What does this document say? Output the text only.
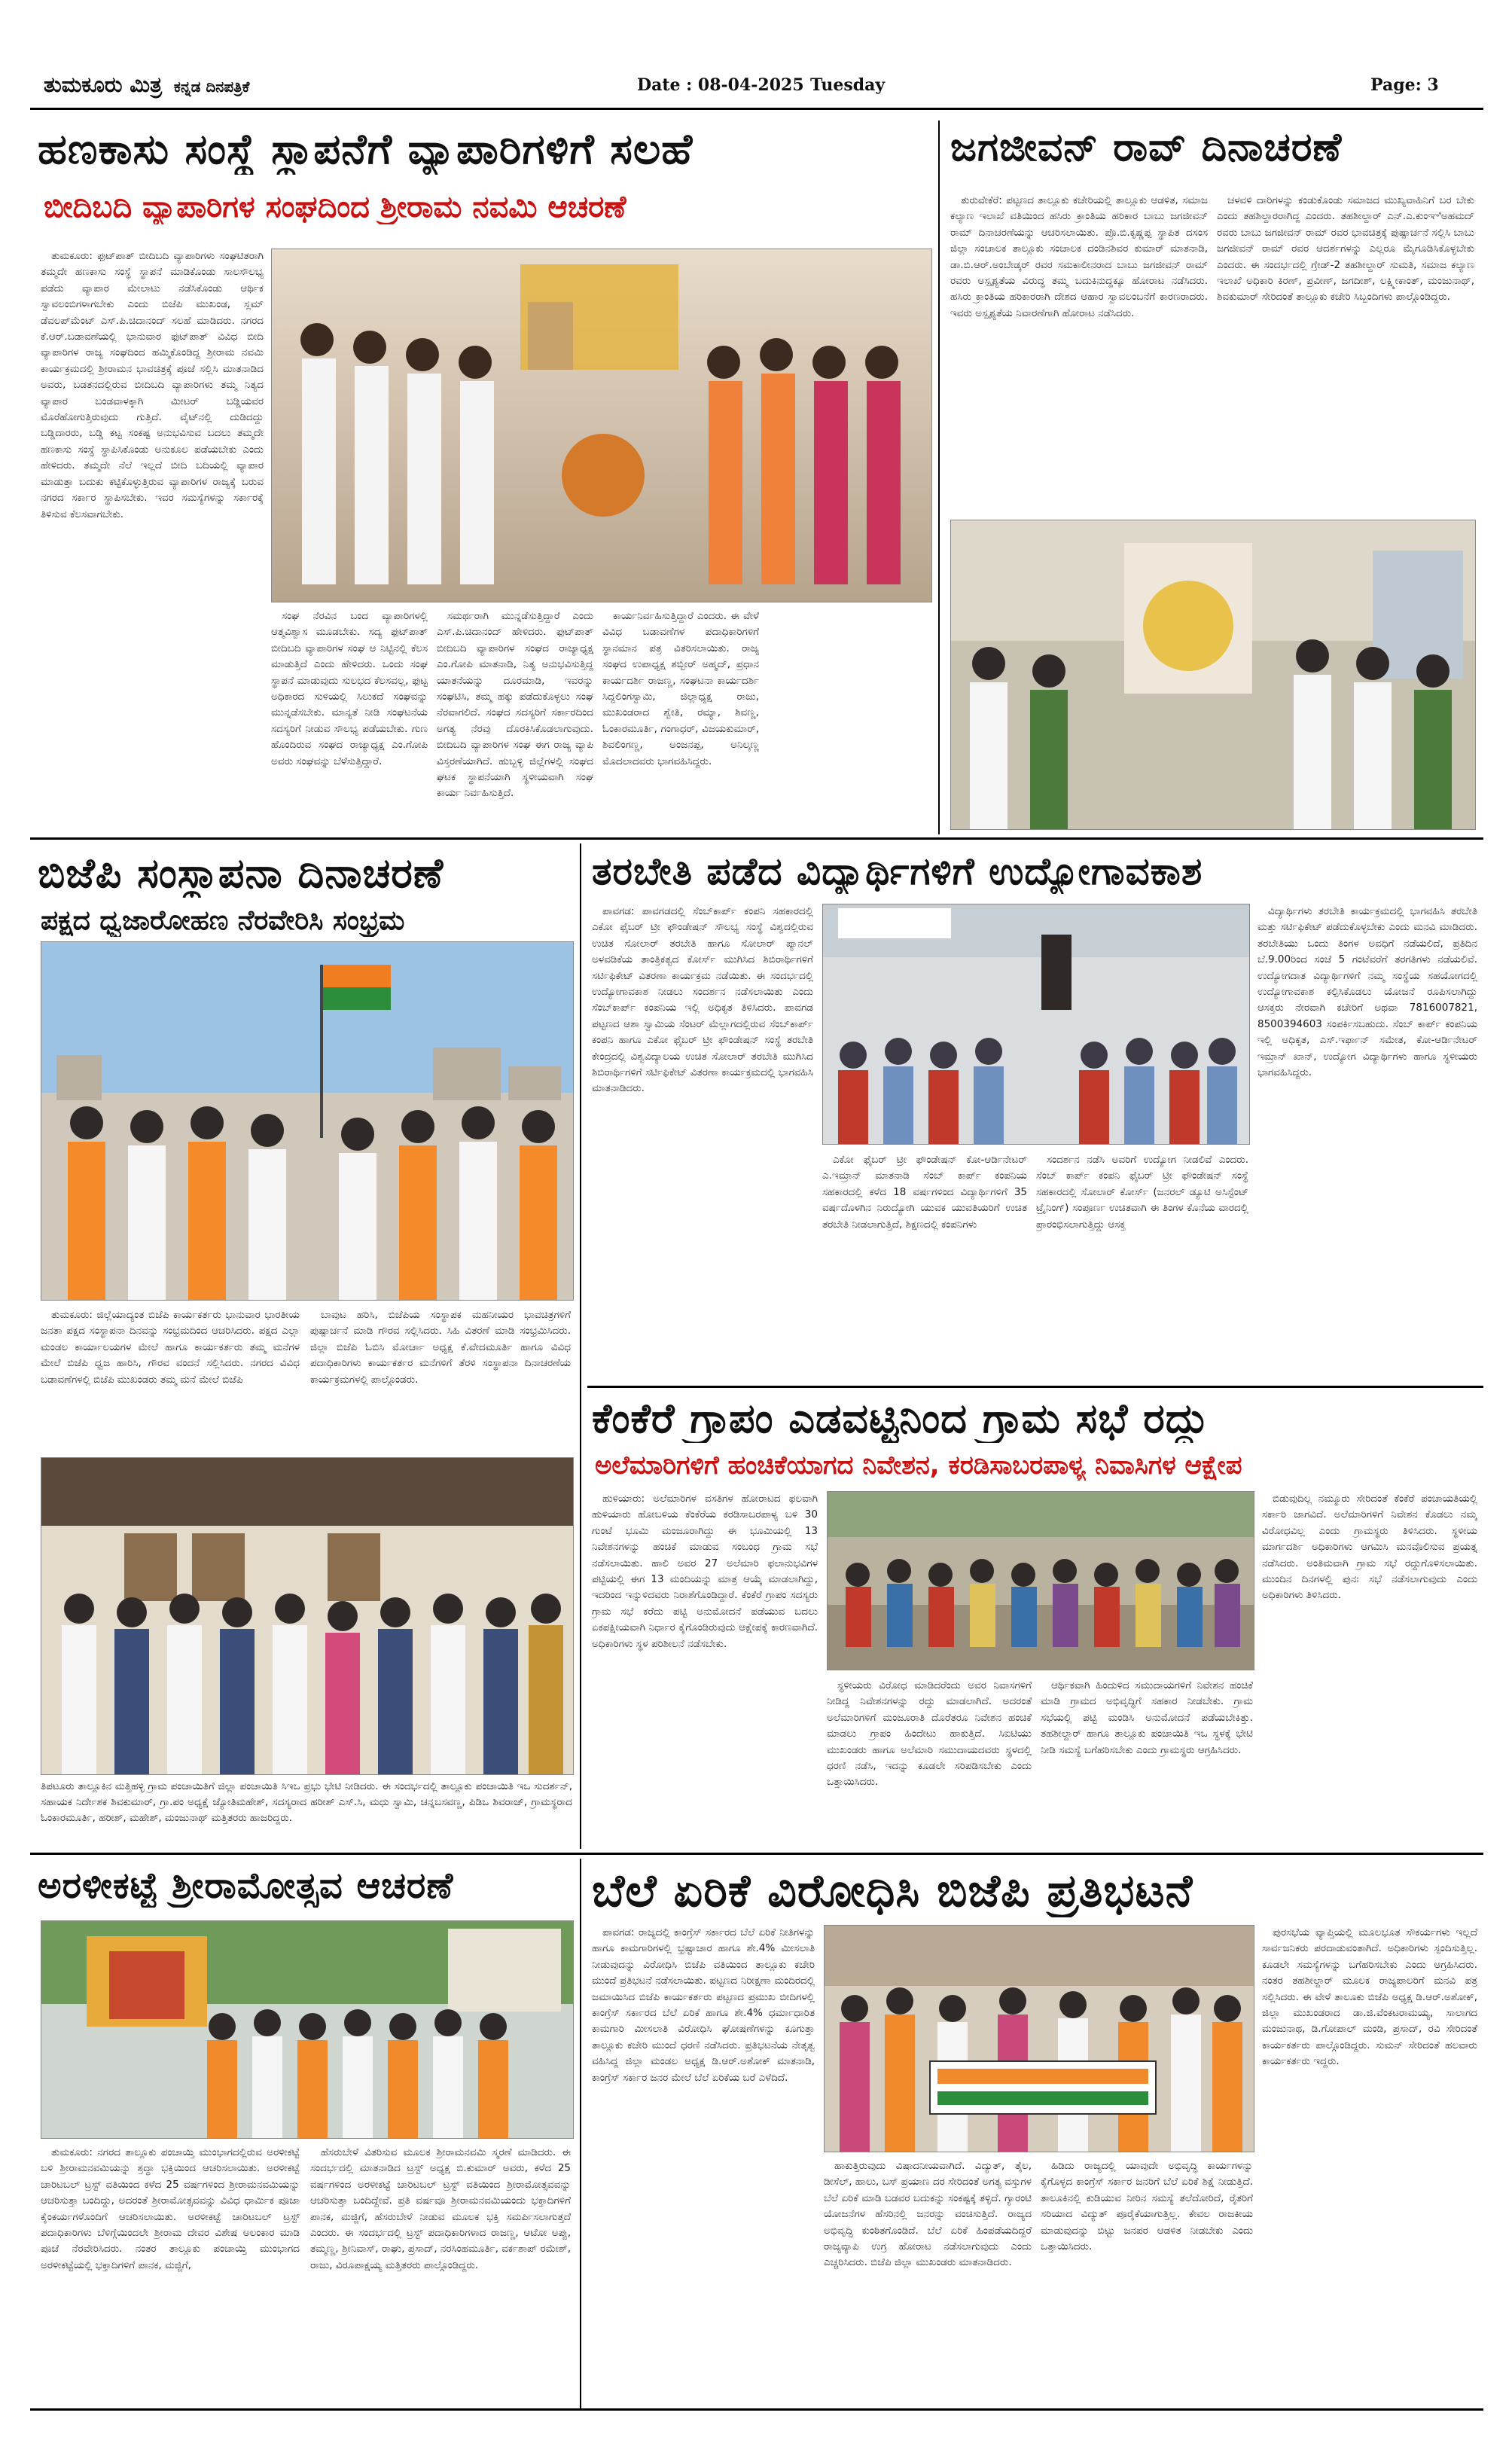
ತುಮಕೂರು ಮಿತ್ರ ಕನ್ನಡ ದಿನಪತ್ರಿಕೆ	Date : 08-04-2025 Tuesday	Page: 3
ಹಣಕಾಸು ಸಂಸ್ಥೆ ಸ್ಥಾಪನೆಗೆ ವ್ಯಾಪಾರಿಗಳಿಗೆ ಸಲಹೆ
ಬೀದಿಬದಿ ವ್ಯಾಪಾರಿಗಳ ಸಂಘದಿಂದ ಶ್ರೀರಾಮ ನವಮಿ ಆಚರಣೆ

ತುಮಕೂರು: ಫುಟ್‌ಪಾತ್ ಬೀದಿಬದಿ ವ್ಯಾಪಾರಿಗಳು ಸಂಘಟಿತರಾಗಿ ತಮ್ಮದೇ ಹಣಕಾಸು ಸಂಸ್ಥೆ ಸ್ಥಾಪನೆ ಮಾಡಿಕೊಂಡು ಸಾಲಸೌಲಭ್ಯ ಪಡೆದು ವ್ಯಾಪಾರ ಮೇಲಾಟು ನಡೆಸಿಕೊಂಡು ಆರ್ಥಿಕ ಸ್ವಾವಲಂಬಿಗಳಾಗಬೇಕು ಎಂದು ಬಿಜೆಪಿ ಮುಖಂಡ, ಸ್ಲಮ್ ಡೆವಲಪ್‌ಮೆಂಟ್ ಎಸ್.ಪಿ.ಚಿದಾನಂದ್ ಸಲಹೆ ಮಾಡಿದರು. ನಗರದ ಕೆ.ಆರ್.ಬಡಾವಣೆಯಲ್ಲಿ ಭಾನುವಾರ ಫುಟ್‌ಪಾತ್ ವಿವಿಧ ಬೀದಿ ವ್ಯಾಪಾರಿಗಳ ರಾಜ್ಯ ಸಂಘದಿಂದ ಹಮ್ಮಿಕೊಂಡಿದ್ದ ಶ್ರೀರಾಮ ನವಮಿ ಕಾರ್ಯಕ್ರಮದಲ್ಲಿ ಶ್ರೀರಾಮನ ಭಾವಚಿತ್ರಕ್ಕೆ ಪೂಜೆ ಸಲ್ಲಿಸಿ ಮಾತನಾಡಿದ ಅವರು, ಬಡತನದಲ್ಲಿರುವ ಬೀದಿಬದಿ ವ್ಯಾಪಾರಿಗಳು ತಮ್ಮ ನಿತ್ಯದ ವ್ಯಾಪಾರ ಬಂಡವಾಳಕ್ಕಾಗಿ ಮೀಟರ್ ಬಡ್ಡಿಯವರ ಮೊರೆಹೋಗುತ್ತಿರುವುದು ಗುತ್ತಿದೆ. ವೈಟ್‌ನಲ್ಲಿ ದುಡಿದದ್ದು ಬಡ್ಡಿದಾರರು, ಬಡ್ಡಿ ಕಟ್ಟ ಸಂಕಷ್ಟ ಅನುಭವಿಸುವ ಬದಲು ತಮ್ಮದೇ ಹಣಕಾಸು ಸಂಸ್ಥೆ ಸ್ಥಾಪಿಸಿಕೊಂಡು ಅನುಕೂಲ ಪಡೆಯಬೇಕು ಎಂದು ಹೇಳಿದರು. ತಮ್ಮದೇ ನೆಲೆ ಇಲ್ಲದೆ ಬೀದಿ ಬದಿಯಲ್ಲಿ ವ್ಯಾಪಾರ ಮಾಡುತ್ತಾ ಬದುಕು ಕಟ್ಟಿಕೊಳ್ಳುತ್ತಿರುವ ವ್ಯಾಪಾರಿಗಳ ರಾಜ್ಯಕ್ಕೆ ಬರುವ ನಗರದ ಸರ್ಕಾರ ಸ್ಥಾಪಿಸಬೇಕು. ಇವರ ಸಮಸ್ಯೆಗಳನ್ನು ಸರ್ಕಾರಕ್ಕೆ ತಿಳಿಸುವ ಕೆಲಸವಾಗಬೇಕು.

ಸಂಘ ನೆರವಿನ ಬಂದ ವ್ಯಾಪಾರಿಗಳಲ್ಲಿ ಆತ್ಮವಿಶ್ವಾಸ ಮೂಡಬೇಕು. ಸದ್ಯ ಫುಟ್‌ಪಾತ್ ಬೀದಿಬದಿ ವ್ಯಾಪಾರಿಗಳ ಸಂಘ ಆ ನಿಟ್ಟಿನಲ್ಲಿ ಕೆಲಸ ಮಾಡುತ್ತಿದೆ ಎಂದು ಹೇಳಿದರು. ಒಂದು ಸಂಘ ಸ್ಥಾಪನೆ ಮಾಡುವುದು ಸುಲಭದ ಕೆಲಸವಲ್ಲ, ಫುಟ್ಟ ಅಧಿಕಾರದ ಸುಳಿಯಲ್ಲಿ ಸಿಲುಕದೆ ಸಂಘವನ್ನು ಮುನ್ನಡೆಸಬೇಕು. ಮಾನ್ಯತೆ ನೀಡಿ ಸಂಘಟನೆಯ ಸದಸ್ಯರಿಗೆ ನೀಡುವ ಸೌಲಭ್ಯ ಪಡೆಯಬೇಕು. ಗುಣ ಹೊಂದಿರುವ ಸಂಘದ ರಾಜ್ಯಾಧ್ಯಕ್ಷ ಎಂ.ಗೋಪಿ ಅವರು ಸಂಘವನ್ನು ಬೆಳೆಸುತ್ತಿದ್ದಾರೆ.

ಸಮರ್ಥರಾಗಿ ಮುನ್ನಡೆಸುತ್ತಿದ್ದಾರೆ ಎಂದು ಎಸ್.ಪಿ.ಚಿದಾನಂದ್ ಹೇಳಿದರು. ಫುಟ್‌ಪಾತ್ ಬೀದಿಬದಿ ವ್ಯಾಪಾರಿಗಳ ಸಂಘದ ರಾಜ್ಯಾಧ್ಯಕ್ಷ ಎಂ.ಗೋಪಿ ಮಾತನಾಡಿ, ನಿತ್ಯ ಅನುಭವಿಸುತ್ತಿದ್ದ ಯಾತನೆಯನ್ನು ದೂರಮಾಡಿ, ಇವರನ್ನು ಸಂಘಟಿಸಿ, ತಮ್ಮ ಹಕ್ಕು ಪಡೆದುಕೊಳ್ಳಲು ಸಂಘ ನೆರವಾಗಲಿದೆ. ಸಂಘದ ಸದಸ್ಯರಿಗೆ ಸರ್ಕಾರದಿಂದ ಅಗತ್ಯ ನೆರವು ದೊರಕಿಸಿಕೊಡಲಾಗುವುದು. ಬೀದಿಬದಿ ವ್ಯಾಪಾರಿಗಳ ಸಂಘ ಈಗ ರಾಜ್ಯ ವ್ಯಾಪಿ ವಿಸ್ತರಣೆಯಾಗಿದೆ. ಹುಬ್ಬಳ್ಳಿ ಜಿಲ್ಲೆಗಳಲ್ಲಿ ಸಂಘದ ಘಟಕ ಸ್ಥಾಪನೆಯಾಗಿ ಸ್ಥಳೀಯವಾಗಿ ಸಂಘ ಕಾರ್ಯ ನಿರ್ವಹಿಸುತ್ತಿದೆ.

ಕಾರ್ಯನಿರ್ವಹಿಸುತ್ತಿದ್ದಾರೆ ಎಂದರು. ಈ ವೇಳೆ ವಿವಿಧ ಬಡಾವಣೆಗಳ ಪದಾಧಿಕಾರಿಗಳಿಗೆ ಸ್ಥಾನಮಾನ ಪತ್ರ ವಿತರಿಸಲಾಯಿತು. ರಾಜ್ಯ ಸಂಘದ ಉಪಾಧ್ಯಕ್ಷ ಶಬ್ಬೀರ್ ಅಹ್ಮದ್, ಪ್ರಧಾನ ಕಾರ್ಯದರ್ಶಿ ರಾಜಣ್ಣ, ಸಂಘಟನಾ ಕಾರ್ಯದರ್ಶಿ ಸಿದ್ದಲಿಂಗಸ್ವಾಮಿ, ಜಿಲ್ಲಾಧ್ಯಕ್ಷ ರಾಜು, ಮುಖಂಡರಾದ ಶ್ವೇತಿ, ರಮ್ಯಾ, ಶಿವಣ್ಣ, ಓಂಕಾರಮೂರ್ತಿ, ಗಂಗಾಧರ್, ವಿಜಯಕುಮಾರ್, ಶಿವಲಿಂಗಣ್ಣ, ಅಂಜನಪ್ಪ, ಅನಿಲ್ಕಣ್ಣ ಮೊದಲಾದವರು ಭಾಗವಹಿಸಿದ್ದರು.

ಜಗಜೀವನ್ ರಾವ್ ದಿನಾಚರಣೆ

ತುರುವೇಕೆರೆ: ಪಟ್ಟಣದ ತಾಲ್ಲೂಕು ಕಚೇರಿಯಲ್ಲಿ ತಾಲ್ಲೂಕು ಆಡಳಿತ, ಸಮಾಜ ಕಲ್ಯಾಣ ಇಲಾಖೆ ವತಿಯಿಂದ ಹಸಿರು ಕ್ರಾಂತಿಯ ಹರಿಕಾರ ಬಾಬು ಜಗಜೀವನ್ ರಾಮ್ ದಿನಾಚರಣೆಯನ್ನು ಆಚರಿಸಲಾಯಿತು. ಪ್ರೊ.ಬಿ.ಕೃಷ್ಣಪ್ಪ ಸ್ಥಾಪಿತ ದಸಂಸ ಜಿಲ್ಲಾ ಸಂಚಾಲಕ ತಾಲ್ಲೂಕು ಸಂಚಾಲಕ ದಂಡಿನಶಿವರ ಕುಮಾರ್ ಮಾತನಾಡಿ, ಡಾ.ಬಿ.ಆರ್.ಅಂಬೇಡ್ಕರ್ ರವರ ಸಮಕಾಲೀನರಾದ ಬಾಬು ಜಗಜೀವನ್ ರಾಮ್ ರವರು ಅಸ್ಪೃಶ್ಯತೆಯ ವಿರುದ್ಧ ತಮ್ಮ ಬದುಕಿನುದ್ದಕ್ಕೂ ಹೋರಾಟ ನಡೆಸಿದರು. ಹಸಿರು ಕ್ರಾಂತಿಯ ಹರಿಕಾರರಾಗಿ ದೇಶದ ಆಹಾರ ಸ್ವಾವಲಂಬನೆಗೆ ಕಾರಣರಾದರು. ಇವರು ಅಸ್ಪೃಶ್ಯತೆಯ ನಿವಾರಣೆಗಾಗಿ ಹೋರಾಟ ನಡೆಸಿದರು.

ಚಳವಳಿ ದಾರಿಗಳನ್ನು ಕಂಡುಕೊಂಡು ಸಮಾಜದ ಮುಖ್ಯವಾಹಿನಿಗೆ ಬರ ಬೇಕು ಎಂದು ತಹಶಿಲ್ದಾರರಾಗಿದ್ದ ಎಂದರು. ತಹಶೀಲ್ದಾರ್ ಎನ್.ಎ.ಕುಂಞಿಅಹಮದ್ ರವರು ಬಾಬು ಜಗಜೀವನ್ ರಾಮ್ ರವರ ಭಾವಚಿತ್ರಕ್ಕೆ ಪುಷ್ಪಾರ್ಚನೆ ಸಲ್ಲಿಸಿ ಬಾಬು ಜಗಜೀವನ್ ರಾಮ್ ರವರ ಆದರ್ಶಗಳನ್ನು ಎಲ್ಲರೂ ಮೈಗೂಡಿಸಿಕೊಳ್ಳಬೇಕು ಎಂದರು. ಈ ಸಂದರ್ಭದಲ್ಲಿ ಗ್ರೇಡ್-2 ತಹಶೀಲ್ದಾರ್ ಸುಮತಿ, ಸಮಾಜ ಕಲ್ಯಾಣ ಇಲಾಖೆ ಅಧಿಕಾರಿ ಕಿರಣ್, ಪ್ರವೀಣ್, ಜಗದೀಶ್, ಲಕ್ಷ್ಮೀಕಾಂತ್, ಮಂಜುನಾಥ್, ಶಿವಕುಮಾರ್ ಸೇರಿದಂತೆ ತಾಲ್ಲೂಕು ಕಚೇರಿ ಸಿಬ್ಬಂದಿಗಳು ಪಾಲ್ಗೊಂಡಿದ್ದರು.

ಬಿಜೆಪಿ ಸಂಸ್ಥಾಪನಾ ದಿನಾಚರಣೆ
ಪಕ್ಷದ ಧ್ವಜಾರೋಹಣ ನೆರವೇರಿಸಿ ಸಂಭ್ರಮ

ತುಮಕೂರು: ಜಿಲ್ಲೆಯಾದ್ಯಂತ ಬಿಜೆಪಿ ಕಾರ್ಯಕರ್ತರು ಭಾನುವಾರ ಭಾರತೀಯ ಜನತಾ ಪಕ್ಷದ ಸಂಸ್ಥಾಪನಾ ದಿನವನ್ನು ಸಂಭ್ರಮದಿಂದ ಆಚರಿಸಿದರು. ಪಕ್ಷದ ಎಲ್ಲಾ ಮಂಡಲ ಕಾರ್ಯಾಲಯಗಳ ಮೇಲೆ ಹಾಗೂ ಕಾರ್ಯಕರ್ತರು ತಮ್ಮ ಮನೆಗಳ ಮೇಲೆ ಬಿಜೆಪಿ ಧ್ವಜ ಹಾರಿಸಿ, ಗೌರವ ವಂದನೆ ಸಲ್ಲಿಸಿದರು. ನಗರದ ವಿವಿಧ ಬಡಾವಣೆಗಳಲ್ಲಿ ಬಿಜೆಪಿ ಮುಖಂಡರು ತಮ್ಮ ಮನೆ ಮೇಲೆ ಬಿಜೆಪಿ

ಬಾವುಟ ಹರಿಸಿ, ಬಿಜೆಪಿಯ ಸಂಸ್ಥಾಪಕ ಮಹನೀಯರ ಭಾವಚಿತ್ರಗಳಿಗೆ ಪುಷ್ಪಾರ್ಚನೆ ಮಾಡಿ ಗೌರವ ಸಲ್ಲಿಸಿದರು. ಸಿಹಿ ವಿತರಣೆ ಮಾಡಿ ಸಂಭ್ರಮಿಸಿದರು. ಜಿಲ್ಲಾ ಬಿಜೆಪಿ ಓಬಿಸಿ ಮೋರ್ಚಾ ಅಧ್ಯಕ್ಷ ಕೆ.ವೇದಮೂರ್ತಿ ಹಾಗೂ ವಿವಿಧ ಪದಾಧಿಕಾರಿಗಳು ಕಾರ್ಯಕರ್ತರ ಮನೆಗಳಿಗೆ ತೆರಳಿ ಸಂಸ್ಥಾಪನಾ ದಿನಾಚರಣೆಯ ಕಾರ್ಯಕ್ರಮಗಳಲ್ಲಿ ಪಾಲ್ಗೊಂಡರು.

ತಿಪಟೂರು ತಾಲ್ಲೂಕಿನ ಮತ್ತಿಹಳ್ಳಿ ಗ್ರಾಮ ಪಂಚಾಯಿತಿಗೆ ಜಿಲ್ಲಾ ಪಂಚಾಯಿತಿ ಸಿಇಒ ಪ್ರಭು ಭೇಟಿ ನೀಡಿದರು. ಈ ಸಂದರ್ಭದಲ್ಲಿ ತಾಲ್ಲೂಕು ಪಂಚಾಯಿತಿ ಇಒ ಸುದರ್ಶನ್, ಸಹಾಯಕ ನಿರ್ದೇಶಕ ಶಿವಕುಮಾರ್, ಗ್ರಾ.ಪಂ ಅಧ್ಯಕ್ಷೆ ಜ್ಯೋತಿಮಹೇಶ್, ಸದಸ್ಯರಾದ ಹರೀಶ್ ಎಸ್.ಸಿ, ಮಧು ಸ್ವಾಮಿ, ಚನ್ನಬಸವಣ್ಣ, ಪಿಡಿಒ ಶಿವರಾಜ್, ಗ್ರಾಮಸ್ಥರಾದ ಓಂಕಾರಮೂರ್ತಿ, ಹರೀಶ್, ಮಹೇಶ್, ಮಂಜುನಾಥ್ ಮತ್ತಿತರರು ಹಾಜರಿದ್ದರು.
ತರಬೇತಿ ಪಡೆದ ವಿದ್ಯಾರ್ಥಿಗಳಿಗೆ ಉದ್ಯೋಗಾವಕಾಶ

ಪಾವಗಡ: ಪಾವಗಡದಲ್ಲಿ ಸೆಂಬ್‌ಕಾರ್ಪ್ ಕಂಪನಿ ಸಹಕಾರದಲ್ಲಿ ಎಕೋ ಫೈಬರ್ ಟ್ರೀ ಫೌಂಡೇಷನ್ ಸೌಲಭ್ಯ ಸಂಸ್ಥೆ ವಿಶ್ವದಲ್ಲಿರುವ ಉಚಿತ ಸೋಲಾರ್ ತರಬೇತಿ ಹಾಗೂ ಸೋಲಾರ್ ಪ್ಯಾನಲ್ ಅಳವಡಿಕೆಯ ತಾಂತ್ರಿಕತ್ವದ ಕೋರ್ಸ್ ಮುಗಿಸಿದ ಶಿಬಿರಾರ್ಥಿಗಳಿಗೆ ಸರ್ಟಿಫಿಕೇಟ್ ವಿತರಣಾ ಕಾರ್ಯಕ್ರಮ ನಡೆಯಿತು. ಈ ಸಂದರ್ಭದಲ್ಲಿ ಉದ್ಯೋಗಾವಕಾಶ ನೀಡಲು ಸಂದರ್ಶನ ನಡೆಸಲಾಯಿತು ಎಂದು ಸೆಂಬ್‌ಕಾರ್ಪ್ ಕಂಪನಿಯ ಇಲ್ಲಿ ಅಧಿಕೃತ ತಿಳಿಸಿದರು. ಪಾವಗಡ ಪಟ್ಟಣದ ಆಶಾ ಸ್ವಾಮಿಯ ಸೆಂಟರ್ ಮೆಲ್ಲಾಗದಲ್ಲಿರುವ ಸೆಂಬ್‌ಕಾರ್ಪ್ ಕಂಪನಿ ಹಾಗೂ ಎಕೋ ಫೈಬರ್ ಟ್ರೀ ಫೌಂಡೇಷನ್ ಸಂಸ್ಥೆ ತರಬೇತಿ ಕೇಂದ್ರದಲ್ಲಿ ವಿಶ್ವವಿದ್ಯಾಲಯ ಉಚಿತ ಸೋಲಾರ್ ತರಬೇತಿ ಮುಗಿಸಿದ ಶಿಬಿರಾರ್ಥಿಗಳಿಗೆ ಸರ್ಟಿಫಿಕೇಟ್ ವಿತರಣಾ ಕಾರ್ಯಕ್ರಮದಲ್ಲಿ ಭಾಗವಹಿಸಿ ಮಾತನಾಡಿದರು.

ಎಕೋ ಫೈಬರ್ ಟ್ರೀ ಫೌಂಡೇಷನ್ ಕೋ-ಆರ್ಡಿನೇಟರ್ ಎ.ಇಮ್ರಾನ್ ಮಾತನಾಡಿ ಸೆಂಬ್ ಕಾರ್ಪ್ ಕಂಪನಿಯ ಸಹಕಾರದಲ್ಲಿ ಕಳೆದ 18 ವರ್ಷಗಳಿಂದ ವಿದ್ಯಾರ್ಥಿಗಳಿಗೆ 35 ವರ್ಷದೊಳಗಿನ ನಿರುದ್ಯೋಗಿ ಯುವಕ ಯುವತಿಯರಿಗೆ ಉಚಿತ ತರಬೇತಿ ನೀಡಲಾಗುತ್ತಿದೆ, ಶಿಕ್ಷಣದಲ್ಲಿ ಕಂಪನಿಗಳು

ಸಂದರ್ಶನ ನಡೆಸಿ ಅವರಿಗೆ ಉದ್ಯೋಗ ನೀಡಲಿವೆ ಎಂದರು. ಸೆಂಬ್ ಕಾರ್ಪ್ ಕಂಪನಿ ಫೈಬರ್ ಟ್ರೀ ಫೌಂಡೇಷನ್ ಸಂಸ್ಥೆ ಸಹಕಾರದಲ್ಲಿ ಸೋಲಾರ್ ಕೋರ್ಸ್ (ಜನರಲ್ ಡ್ಯೂಟಿ ಅಸಿಸ್ಟೆಂಟ್ ಟ್ರೈನಿಂಗ್) ಸಂಪೂರ್ಣ ಉಚಿತವಾಗಿ ಈ ತಿಂಗಳ ಕೊನೆಯ ವಾರದಲ್ಲಿ ಪ್ರಾರಂಭಿಸಲಾಗುತ್ತಿದ್ದು ಆಸಕ್ತ

ವಿದ್ಯಾರ್ಥಿಗಳು ತರಬೇತಿ ಕಾರ್ಯಕ್ರಮದಲ್ಲಿ ಭಾಗವಹಿಸಿ ತರಬೇತಿ ಮತ್ತು ಸರ್ಟಿಫಿಕೇಟ್ ಪಡೆದುಕೊಳ್ಳಬೇಕು ಎಂದು ಮನವಿ ಮಾಡಿದರು. ತರಬೇತಿಯು ಒಂದು ತಿಂಗಳ ಅವಧಿಗೆ ನಡೆಯಲಿದೆ, ಪ್ರತಿದಿನ ಬೆ.9.00ರಿಂದ ಸಂಜೆ 5 ಗಂಟೆವರೆಗೆ ತರಗತಿಗಳು ನಡೆಯಲಿವೆ. ಉದ್ಯೋಗದಾತ ವಿದ್ಯಾರ್ಥಿಗಳಿಗೆ ನಮ್ಮ ಸಂಸ್ಥೆಯ ಸಹಯೋಗದಲ್ಲಿ ಉದ್ಯೋಗಾವಕಾಶ ಕಲ್ಪಿಸಿಕೊಡಲು ಯೋಜನೆ ರೂಪಿಸಲಾಗಿದ್ದು ಆಸಕ್ತರು ನೇರವಾಗಿ ಕಚೇರಿಗೆ ಅಥವಾ 7816007821, 8500394603 ಸಂಪರ್ಕಿಸಬಹುದು. ಸೆಂಬ್ ಕಾರ್ಪ್ ಕಂಪನಿಯ ಇಲ್ಲಿ ಅಧಿಕೃತ, ಎಸ್.ಇರ್ಫಾನ್ ಸಮೇತ, ಕೋ-ಆರ್ಡಿನೇಟರ್ ಇಮ್ರಾನ್ ಖಾನ್, ಉದ್ಯೋಗ ವಿದ್ಯಾರ್ಥಿಗಳು ಹಾಗೂ ಸ್ಥಳೀಯರು ಭಾಗವಹಿಸಿದ್ದರು.

ಕೆಂಕೆರೆ ಗ್ರಾಪಂ ಎಡವಟ್ಟಿನಿಂದ ಗ್ರಾಮ ಸಭೆ ರದ್ದು
ಅಲೆಮಾರಿಗಳಿಗೆ ಹಂಚಿಕೆಯಾಗದ ನಿವೇಶನ, ಕರಡಿಸಾಬರಪಾಳ್ಯ ನಿವಾಸಿಗಳ ಆಕ್ಷೇಪ

ಹುಳಿಯಾರು: ಅಲೆಮಾರಿಗಳ ವಸತಿಗಳ ಹೋರಾಟದ ಫಲವಾಗಿ ಹುಳಿಯಾರು ಹೋಬಳಿಯ ಕೆಂಕೆರೆಯ ಕರಡಿಸಾಬರಪಾಳ್ಯ ಬಳಿ 30 ಗುಂಟೆ ಭೂಮಿ ಮಂಜೂರಾಗಿದ್ದು ಈ ಭೂಮಿಯಲ್ಲಿ 13 ನಿವೇಶನಗಳನ್ನು ಹಂಚಿಕೆ ಮಾಡುವ ಸಂಬಂಧ ಗ್ರಾಮ ಸಭೆ ನಡೆಸಲಾಯಿತು. ಹಾಲಿ ಅವರ 27 ಅಲೆಮಾರಿ ಫಲಾನುಭವಿಗಳ ಪಟ್ಟಿಯಲ್ಲಿ ಈಗ 13 ಮಂದಿಯನ್ನು ಮಾತ್ರ ಆಯ್ಕೆ ಮಾಡಲಾಗಿದ್ದು, ಇದರಿಂದ ಇನ್ನುಳಿದವರು ನಿರಾಶೆಗೊಂಡಿದ್ದಾರೆ. ಕೆಂಕೆರೆ ಗ್ರಾಪಂ ಸದಸ್ಯರು ಗ್ರಾಮ ಸಭೆ ಕರೆದು ಪಟ್ಟಿ ಅನುಮೋದನೆ ಪಡೆಯುವ ಬದಲು ಏಕಪಕ್ಷೀಯವಾಗಿ ನಿರ್ಧಾರ ಕೈಗೊಂಡಿರುವುದು ಆಕ್ಷೇಪಕ್ಕೆ ಕಾರಣವಾಗಿದೆ. ಅಧಿಕಾರಿಗಳು ಸ್ಥಳ ಪರಿಶೀಲನೆ ನಡೆಸಬೇಕು.

ಸ್ಥಳೀಯರು ವಿರೋಧ ಮಾಡಿದರೆಂದು ಅವರ ನಿವಾಸಗಳಿಗೆ ನೀಡಿದ್ದ ನಿವೇಶನಗಳನ್ನು ರದ್ದು ಮಾಡಲಾಗಿದೆ. ಅದರಂತೆ ಅಲೆಮಾರಿಗಳಿಗೆ ಮಂಜೂರಾತಿ ದೊರೆತರೂ ನಿವೇಶನ ಹಂಚಿಕೆ ಮಾಡಲು ಗ್ರಾಪಂ ಹಿಂದೇಟು ಹಾಕುತ್ತಿದೆ. ಸಿಐಟಿಯು ಮುಖಂಡರು ಹಾಗೂ ಅಲೆಮಾರಿ ಸಮುದಾಯದವರು ಸ್ಥಳದಲ್ಲಿ ಧರಣಿ ನಡೆಸಿ, ಇದನ್ನು ಕೂಡಲೇ ಸರಿಪಡಿಸಬೇಕು ಎಂದು ಒತ್ತಾಯಿಸಿದರು.

ಆರ್ಥಿಕವಾಗಿ ಹಿಂದುಳಿದ ಸಮುದಾಯಗಳಿಗೆ ನಿವೇಶನ ಹಂಚಿಕೆ ಮಾಡಿ ಗ್ರಾಮದ ಅಭಿವೃದ್ಧಿಗೆ ಸಹಕಾರ ನೀಡಬೇಕು. ಗ್ರಾಮ ಸಭೆಯಲ್ಲಿ ಪಟ್ಟಿ ಮಂಡಿಸಿ ಅನುಮೋದನೆ ಪಡೆಯಬೇಕಿತ್ತು. ತಹಶೀಲ್ದಾರ್ ಹಾಗೂ ತಾಲ್ಲೂಕು ಪಂಚಾಯಿತಿ ಇಒ ಸ್ಥಳಕ್ಕೆ ಭೇಟಿ ನೀಡಿ ಸಮಸ್ಯೆ ಬಗೆಹರಿಸಬೇಕು ಎಂದು ಗ್ರಾಮಸ್ಥರು ಆಗ್ರಹಿಸಿದರು.

ಬಿಡುವುದಿಲ್ಲ ನಮ್ಮೂರು ಸೇರಿದಂತೆ ಕೆಂಕೆರೆ ಪಂಚಾಯತಿಯಲ್ಲಿ ಸರ್ಕಾರಿ ಜಾಗವಿದೆ. ಅಲೆಮಾರಿಗಳಿಗೆ ನಿವೇಶನ ಕೊಡಲು ನಮ್ಮ ವಿರೋಧವಿಲ್ಲ ಎಂದು ಗ್ರಾಮಸ್ಥರು ತಿಳಿಸಿದರು. ಸ್ಥಳೀಯ ಮಾರ್ಗದರ್ಶಿ ಅಧಿಕಾರಿಗಳು ಆಗಮಿಸಿ ಮನವೊಲಿಸುವ ಪ್ರಯತ್ನ ನಡೆಸಿದರು. ಅಂತಿಮವಾಗಿ ಗ್ರಾಮ ಸಭೆ ರದ್ದುಗೊಳಿಸಲಾಯಿತು. ಮುಂದಿನ ದಿನಗಳಲ್ಲಿ ಪುನಃ ಸಭೆ ನಡೆಸಲಾಗುವುದು ಎಂದು ಅಧಿಕಾರಿಗಳು ತಿಳಿಸಿದರು.

ಅರಳೀಕಟ್ಟೆ ಶ್ರೀರಾಮೋತ್ಸವ ಆಚರಣೆ

ತುಮಕೂರು: ನಗರದ ತಾಲ್ಲೂಕು ಪಂಚಾಯ್ತಿ ಮುಂಭಾಗದಲ್ಲಿರುವ ಅರಳೀಕಟ್ಟೆ ಬಳಿ ಶ್ರೀರಾಮನವಮಿಯನ್ನು ಶ್ರದ್ಧಾ ಭಕ್ತಿಯಿಂದ ಆಚರಿಸಲಾಯಿತು. ಅರಳೀಕಟ್ಟೆ ಚಾರಿಟಬಲ್ ಟ್ರಸ್ಟ್ ವತಿಯಿಂದ ಕಳೆದ 25 ವರ್ಷಗಳಿಂದ ಶ್ರೀರಾಮನವಮಿಯನ್ನು ಆಚರಿಸುತ್ತಾ ಬಂದಿದ್ದು, ಅದರಂತೆ ಶ್ರೀರಾಮೋತ್ಸವವನ್ನು ವಿವಿಧ ಧಾರ್ಮಿಕ ಪೂಜಾ ಕೈಂಕರ್ಯಗಳೊಂದಿಗೆ ಆಚರಿಸಲಾಯಿತು. ಅರಳೀಕಟ್ಟೆ ಚಾರಿಟಬಲ್ ಟ್ರಸ್ಟ್ ಪದಾಧಿಕಾರಿಗಳು ಬೆಳಿಗ್ಗೆಯಿಂದಲೇ ಶ್ರೀರಾಮ ದೇವರ ವಿಶೇಷ ಅಲಂಕಾರ ಮಾಡಿ ಪೂಜೆ ನೆರವೇರಿಸಿದರು. ನಂತರ ತಾಲ್ಲೂಕು ಪಂಚಾಯ್ತಿ ಮುಂಭಾಗದ ಅರಳೀಕಟ್ಟೆಯಲ್ಲಿ ಭಕ್ತಾದಿಗಳಿಗೆ ಪಾನಕ, ಮಜ್ಜಿಗೆ,

ಹೆಸರುಬೇಳೆ ವಿತರಿಸುವ ಮೂಲಕ ಶ್ರೀರಾಮನವಮಿ ಸ್ಮರಣೆ ಮಾಡಿದರು. ಈ ಸಂದರ್ಭದಲ್ಲಿ ಮಾತನಾಡಿದ ಟ್ರಸ್ಟ್ ಅಧ್ಯಕ್ಷ ಬಿ.ಕುಮಾರ್ ಅವರು, ಕಳೆದ 25 ವರ್ಷಗಳಿಂದ ಅರಳೀಕಟ್ಟೆ ಚಾರಿಟಬಲ್ ಟ್ರಸ್ಟ್ ವತಿಯಿಂದ ಶ್ರೀರಾಮೋತ್ಸವವನ್ನು ಆಚರಿಸುತ್ತಾ ಬಂದಿದ್ದೇವೆ. ಪ್ರತಿ ವರ್ಷವೂ ಶ್ರೀರಾಮನವಮಿಯಂದು ಭಕ್ತಾದಿಗಳಿಗೆ ಪಾನಕ, ಮಜ್ಜಿಗೆ, ಹೆಸರುಬೇಳೆ ನೀಡುವ ಮೂಲಕ ಭಕ್ತಿ ಸಮರ್ಪಿಸಲಾಗುತ್ತದೆ ಎಂದರು. ಈ ಸಂದರ್ಭದಲ್ಲಿ ಟ್ರಸ್ಟ್ ಪದಾಧಿಕಾರಿಗಳಾದ ರಾಜಣ್ಣ, ಆಟೋ ಅಪ್ಪು, ತಮ್ಮಣ್ಣ, ಶ್ರೀನಿವಾಸ್, ರಾಘು, ಪ್ರಸಾದ್, ನರಸಿಂಹಮೂರ್ತಿ, ವರ್ಕಶಾಪ್ ರಮೇಶ್, ರಾಜು, ವಿರೂಪಾಕ್ಷಯ್ಯ ಮತ್ತಿತರರು ಪಾಲ್ಗೊಂಡಿದ್ದರು.

ಬೆಲೆ ಏರಿಕೆ ವಿರೋಧಿಸಿ ಬಿಜೆಪಿ ಪ್ರತಿಭಟನೆ

ಪಾವಗಡ: ರಾಜ್ಯದಲ್ಲಿ ಕಾಂಗ್ರೆಸ್ ಸರ್ಕಾರದ ಬೆಲೆ ಏರಿಕೆ ನೀತಿಗಳನ್ನು ಹಾಗೂ ಕಾಮಗಾರಿಗಳಲ್ಲಿ ಭ್ರಷ್ಟಾಚಾರ ಹಾಗೂ ಶೇ.4% ಮೀಸಲಾತಿ ನೀಡುವುದನ್ನು ವಿರೋಧಿಸಿ ಬಿಜೆಪಿ ವತಿಯಿಂದ ತಾಲ್ಲೂಕು ಕಚೇರಿ ಮುಂದೆ ಪ್ರತಿಭಟನೆ ನಡೆಸಲಾಯಿತು. ಪಟ್ಟಣದ ನಿರೀಕ್ಷಣಾ ಮಂದಿರದಲ್ಲಿ ಜಮಾಯಿಸಿದ ಬಿಜೆಪಿ ಕಾರ್ಯಕರ್ತರು ಪಟ್ಟಣದ ಪ್ರಮುಖ ಬೀದಿಗಳಲ್ಲಿ ಕಾಂಗ್ರೆಸ್ ಸರ್ಕಾರದ ಬೆಲೆ ಏರಿಕೆ ಹಾಗೂ ಶೇ.4% ಧರ್ಮಾಧಾರಿತ ಕಾಮಗಾರಿ ಮೀಸಲಾತಿ ವಿರೋಧಿಸಿ ಘೋಷಣೆಗಳನ್ನು ಕೂಗುತ್ತಾ ತಾಲ್ಲೂಕು ಕಚೇರಿ ಮುಂದೆ ಧರಣಿ ನಡೆಸಿದರು. ಪ್ರತಿಭಟನೆಯ ನೇತೃತ್ವ ವಹಿಸಿದ್ದ ಜಿಲ್ಲಾ ಮಂಡಲ ಅಧ್ಯಕ್ಷ ಡಿ.ಆರ್.ಅಶೋಕ್ ಮಾತನಾಡಿ, ಕಾಂಗ್ರೆಸ್ ಸರ್ಕಾರ ಜನರ ಮೇಲೆ ಬೆಲೆ ಏರಿಕೆಯ ಬರೆ ಎಳೆದಿದೆ.

ಹಾಕುತ್ತಿರುವುದು ವಿಷಾದನೀಯವಾಗಿದೆ. ವಿದ್ಯುತ್, ತೈಲ, ಡೀಸೆಲ್, ಹಾಲು, ಬಸ್ ಪ್ರಯಾಣ ದರ ಸೇರಿದಂತೆ ಅಗತ್ಯ ವಸ್ತುಗಳ ಬೆಲೆ ಏರಿಕೆ ಮಾಡಿ ಬಡವರ ಬದುಕನ್ನು ಸಂಕಷ್ಟಕ್ಕೆ ತಳ್ಳಿದೆ. ಗ್ಯಾರಂಟಿ ಯೋಜನೆಗಳ ಹೆಸರಿನಲ್ಲಿ ಜನರನ್ನು ವಂಚಿಸುತ್ತಿದೆ. ರಾಜ್ಯದ ಅಭಿವೃದ್ಧಿ ಕುಂಠಿತಗೊಂಡಿದೆ. ಬೆಲೆ ಏರಿಕೆ ಹಿಂಪಡೆಯದಿದ್ದರೆ ರಾಜ್ಯವ್ಯಾಪಿ ಉಗ್ರ ಹೋರಾಟ ನಡೆಸಲಾಗುವುದು ಎಂದು ಎಚ್ಚರಿಸಿದರು. ಬಿಜೆಪಿ ಜಿಲ್ಲಾ ಮುಖಂಡರು ಮಾತನಾಡಿದರು.

ಹಿಡಿದು ರಾಜ್ಯದಲ್ಲಿ ಯಾವುದೇ ಅಭಿವೃದ್ಧಿ ಕಾರ್ಯಗಳನ್ನು ಕೈಗೊಳ್ಳದ ಕಾಂಗ್ರೆಸ್ ಸರ್ಕಾರ ಜನರಿಗೆ ಬೆಲೆ ಏರಿಕೆ ಶಿಕ್ಷೆ ನೀಡುತ್ತಿದೆ. ತಾಲೂಕಿನಲ್ಲಿ ಕುಡಿಯುವ ನೀರಿನ ಸಮಸ್ಯೆ ತಲೆದೋರಿದೆ, ರೈತರಿಗೆ ಸರಿಯಾದ ವಿದ್ಯುತ್ ಪೂರೈಕೆಯಾಗುತ್ತಿಲ್ಲ. ಕೇವಲ ರಾಜಕೀಯ ಮಾಡುವುದನ್ನು ಬಿಟ್ಟು ಜನಪರ ಆಡಳಿತ ನೀಡಬೇಕು ಎಂದು ಒತ್ತಾಯಿಸಿದರು.

ಪುರಸಭೆಯ ವ್ಯಾಪ್ತಿಯಲ್ಲಿ ಮೂಲಭೂತ ಸೌಕರ್ಯಗಳು ಇಲ್ಲದೆ ಸಾರ್ವಜನಿಕರು ಪರದಾಡುವಂತಾಗಿದೆ. ಅಧಿಕಾರಿಗಳು ಸ್ಪಂದಿಸುತ್ತಿಲ್ಲ. ಕೂಡಲೇ ಸಮಸ್ಯೆಗಳನ್ನು ಬಗೆಹರಿಸಬೇಕು ಎಂದು ಆಗ್ರಹಿಸಿದರು. ನಂತರ ತಹಶೀಲ್ದಾರ್ ಮೂಲಕ ರಾಜ್ಯಪಾಲರಿಗೆ ಮನವಿ ಪತ್ರ ಸಲ್ಲಿಸಿದರು. ಈ ವೇಳೆ ತಾಲೂಕು ಬಿಜೆಪಿ ಅಧ್ಯಕ್ಷ ಡಿ.ಆರ್.ಅಶೋಕ್, ಜಿಲ್ಲಾ ಮುಖಂಡರಾದ ಡಾ.ಜಿ.ವೆಂಕಟರಾಮಯ್ಯ, ಸಾಲಾಗದ ಮಂಜುನಾಥ, ಡಿ.ಗೋಪಾಲ್ ಮಂಡಿ, ಪ್ರಸಾದ್, ರವಿ ಸೇರಿದಂತೆ ಕಾರ್ಯಕರ್ತರು ಪಾಲ್ಗೊಂಡಿದ್ದರು. ಸುಮನ್ ಸೇರಿದಂತೆ ಹಲವಾರು ಕಾರ್ಯಕರ್ತರು ಇದ್ದರು.
